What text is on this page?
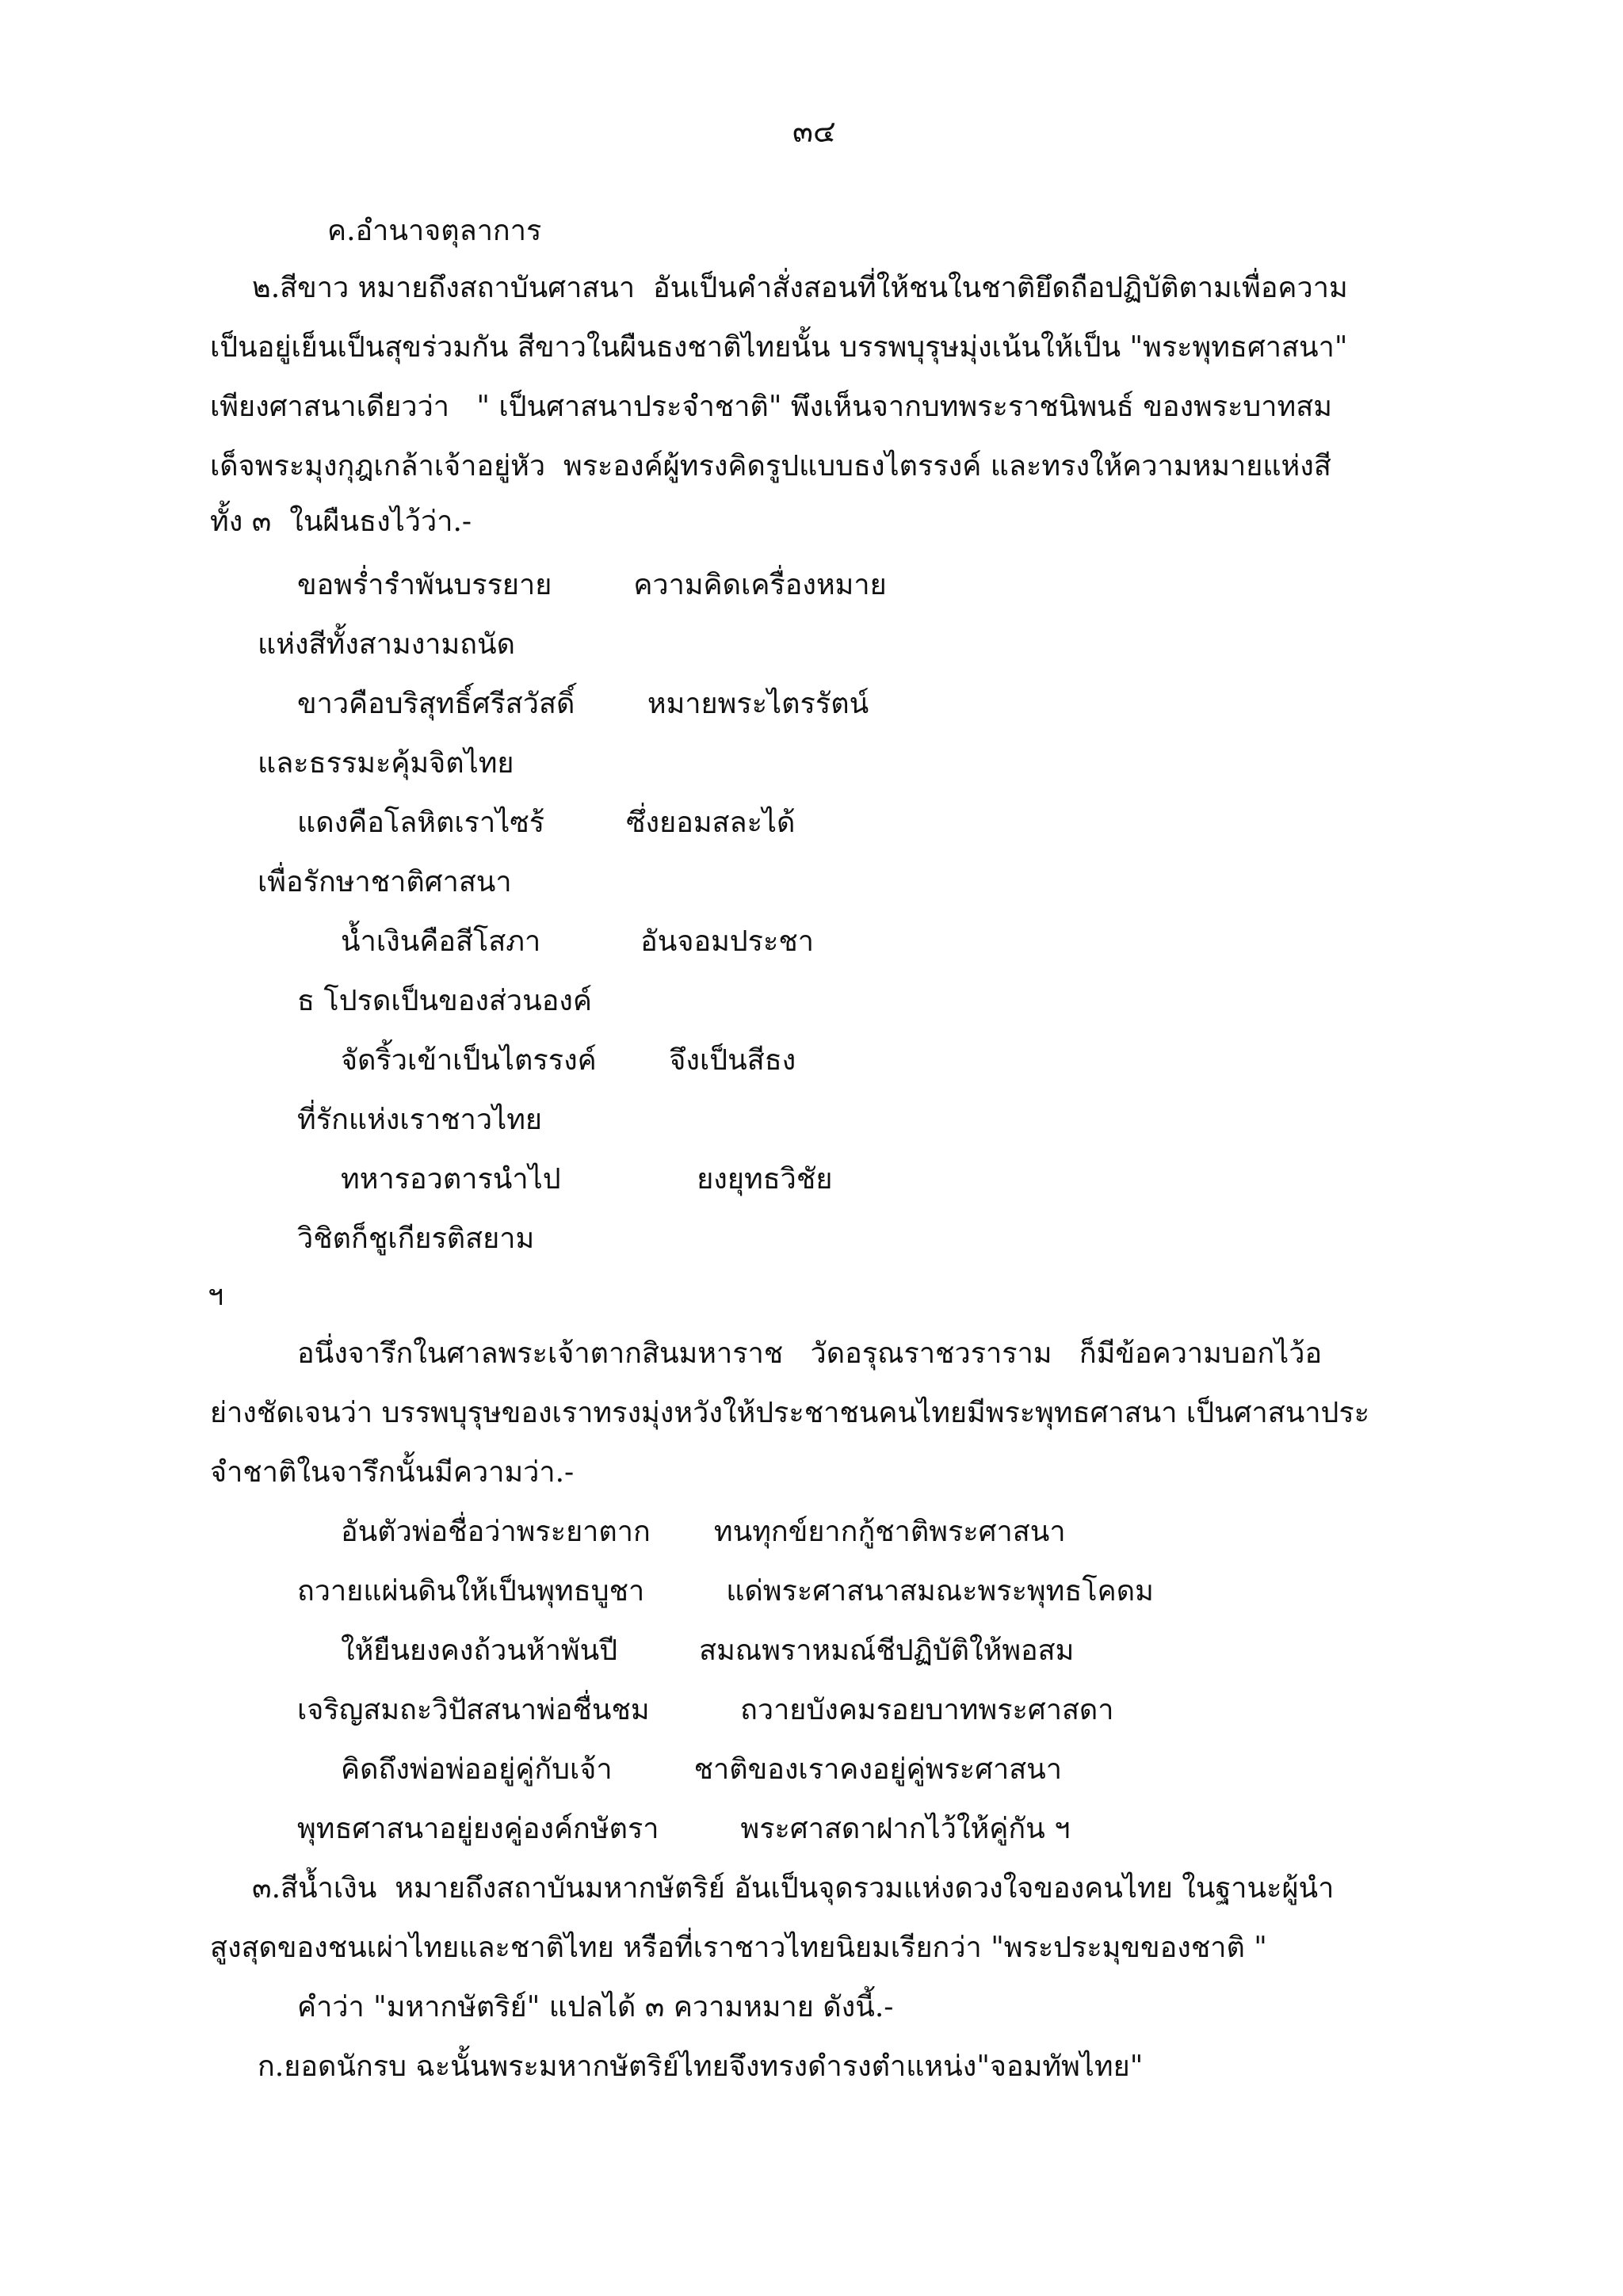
๓๔
ค.อำนาจตุลาการ
๒.สีขาว หมายถึงสถาบันศาสนา  อันเป็นคำสั่งสอนที่ให้ชนในชาติยึดถือปฏิบัติตามเพื่อความ
เป็นอยู่เย็นเป็นสุขร่วมกัน สีขาวในผืนธงชาติไทยนั้น บรรพบุรุษมุ่งเน้นให้เป็น "พระพุทธศาสนา"
เพียงศาสนาเดียวว่า   " เป็นศาสนาประจำชาติ" พึงเห็นจากบทพระราชนิพนธ์ ของพระบาทสม
เด็จพระมุงกุฎเกล้าเจ้าอยู่หัว  พระองค์ผู้ทรงคิดรูปแบบธงไตรรงค์ และทรงให้ความหมายแห่งสี
ทั้ง ๓  ในผืนธงไว้ว่า.-
ขอพรํ่ารำพันบรรยาย         ความคิดเครื่องหมาย
แห่งสีทั้งสามงามถนัด
ขาวคือบริสุทธิ์ศรีสวัสดิ์        หมายพระไตรรัตน์
และธรรมะคุ้มจิตไทย
แดงคือโลหิตเราไซร้         ซึ่งยอมสละได้
เพื่อรักษาชาติศาสนา
น้ำเงินคือสีโสภา           อันจอมประชา
ธ โปรดเป็นของส่วนองค์
จัดริ้วเข้าเป็นไตรรงค์        จึงเป็นสีธง
ที่รักแห่งเราชาวไทย
ทหารอวตารนำไป               ยงยุทธวิชัย
วิชิตก็ชูเกียรติสยาม
ฯ
อนึ่งจารึกในศาลพระเจ้าตากสินมหาราช   วัดอรุณราชวราราม   ก็มีข้อความบอกไว้อ
ย่างชัดเจนว่า บรรพบุรุษของเราทรงมุ่งหวังให้ประชาชนคนไทยมีพระพุทธศาสนา เป็นศาสนาประ
จำชาติในจารึกนั้นมีความว่า.-
อันตัวพ่อชื่อว่าพระยาตาก       ทนทุกข์ยากกู้ชาติพระศาสนา
ถวายแผ่นดินให้เป็นพุทธบูชา         แด่พระศาสนาสมณะพระพุทธโคดม
ให้ยืนยงคงถ้วนห้าพันปี         สมณพราหมณ์ชีปฏิบัติให้พอสม
เจริญสมถะวิปัสสนาพ่อชื่นชม          ถวายบังคมรอยบาทพระศาสดา
คิดถึงพ่อพ่ออยู่คู่กับเจ้า         ชาติของเราคงอยู่คู่พระศาสนา
พุทธศาสนาอยู่ยงคู่องค์กษัตรา         พระศาสดาฝากไว้ให้คู่กัน ฯ
๓.สีน้ำเงิน  หมายถึงสถาบันมหากษัตริย์ อันเป็นจุดรวมแห่งดวงใจของคนไทย ในฐานะผู้นำ
สูงสุดของชนเผ่าไทยและชาติไทย หรือที่เราชาวไทยนิยมเรียกว่า "พระประมุขของชาติ "
คำว่า "มหากษัตริย์" แปลได้ ๓ ความหมาย ดังนี้.-
ก.ยอดนักรบ ฉะนั้นพระมหากษัตริย์ไทยจึงทรงดำรงตำแหน่ง"จอมทัพไทย"
